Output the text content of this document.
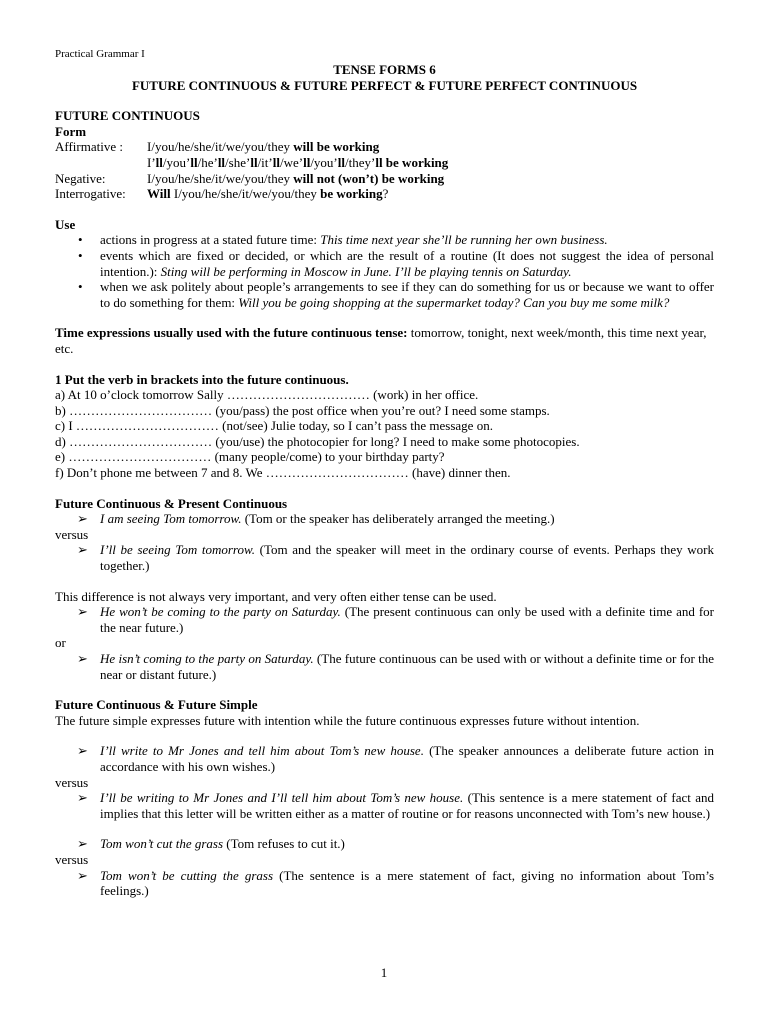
Practical Grammar I
TENSE FORMS 6
FUTURE CONTINUOUS & FUTURE PERFECT & FUTURE PERFECT CONTINUOUS
FUTURE CONTINUOUS
Form
Affirmative :	I/you/he/she/it/we/you/they will be working
I’ll/you’ll/he’ll/she’ll/it’ll/we’ll/you’ll/they’ll be working
Negative:	I/you/he/she/it/we/you/they will not (won’t) be working
Interrogative:	Will I/you/he/she/it/we/you/they be working?
Use
• actions in progress at a stated future time: This time next year she’ll be running her own business.
• events which are fixed or decided, or which are the result of a routine (It does not suggest the idea of personal intention.): Sting will be performing in Moscow in June. I’ll be playing tennis on Saturday.
• when we ask politely about people’s arrangements to see if they can do something for us or because we want to offer to do something for them: Will you be going shopping at the supermarket today? Can you buy me some milk?
Time expressions usually used with the future continuous tense: tomorrow, tonight, next week/month, this time next year, etc.
1 Put the verb in brackets into the future continuous.
a) At 10 o’clock tomorrow Sally …………………………… (work) in her office.
b) …………………………… (you/pass) the post office when you’re out? I need some stamps.
c) I …………………………… (not/see) Julie today, so I can’t pass the message on.
d) …………………………… (you/use) the photocopier for long? I need to make some photocopies.
e) …………………………… (many people/come) to your birthday party?
f) Don’t phone me between 7 and 8. We …………………………… (have) dinner then.
Future Continuous & Present Continuous
➢ I am seeing Tom tomorrow. (Tom or the speaker has deliberately arranged the meeting.)
versus
➢ I’ll be seeing Tom tomorrow. (Tom and the speaker will meet in the ordinary course of events. Perhaps they work together.)
This difference is not always very important, and very often either tense can be used.
➢ He won’t be coming to the party on Saturday. (The present continuous can only be used with a definite time and for the near future.)
or
➢ He isn’t coming to the party on Saturday. (The future continuous can be used with or without a definite time or for the near or distant future.)
Future Continuous & Future Simple
The future simple expresses future with intention while the future continuous expresses future without intention.
➢ I’ll write to Mr Jones and tell him about Tom’s new house. (The speaker announces a deliberate future action in accordance with his own wishes.)
versus
➢ I’ll be writing to Mr Jones and I’ll tell him about Tom’s new house. (This sentence is a mere statement of fact and implies that this letter will be written either as a matter of routine or for reasons unconnected with Tom’s new house.)
➢ Tom won’t cut the grass (Tom refuses to cut it.)
versus
➢ Tom won’t be cutting the grass (The sentence is a mere statement of fact, giving no information about Tom’s feelings.)
1
